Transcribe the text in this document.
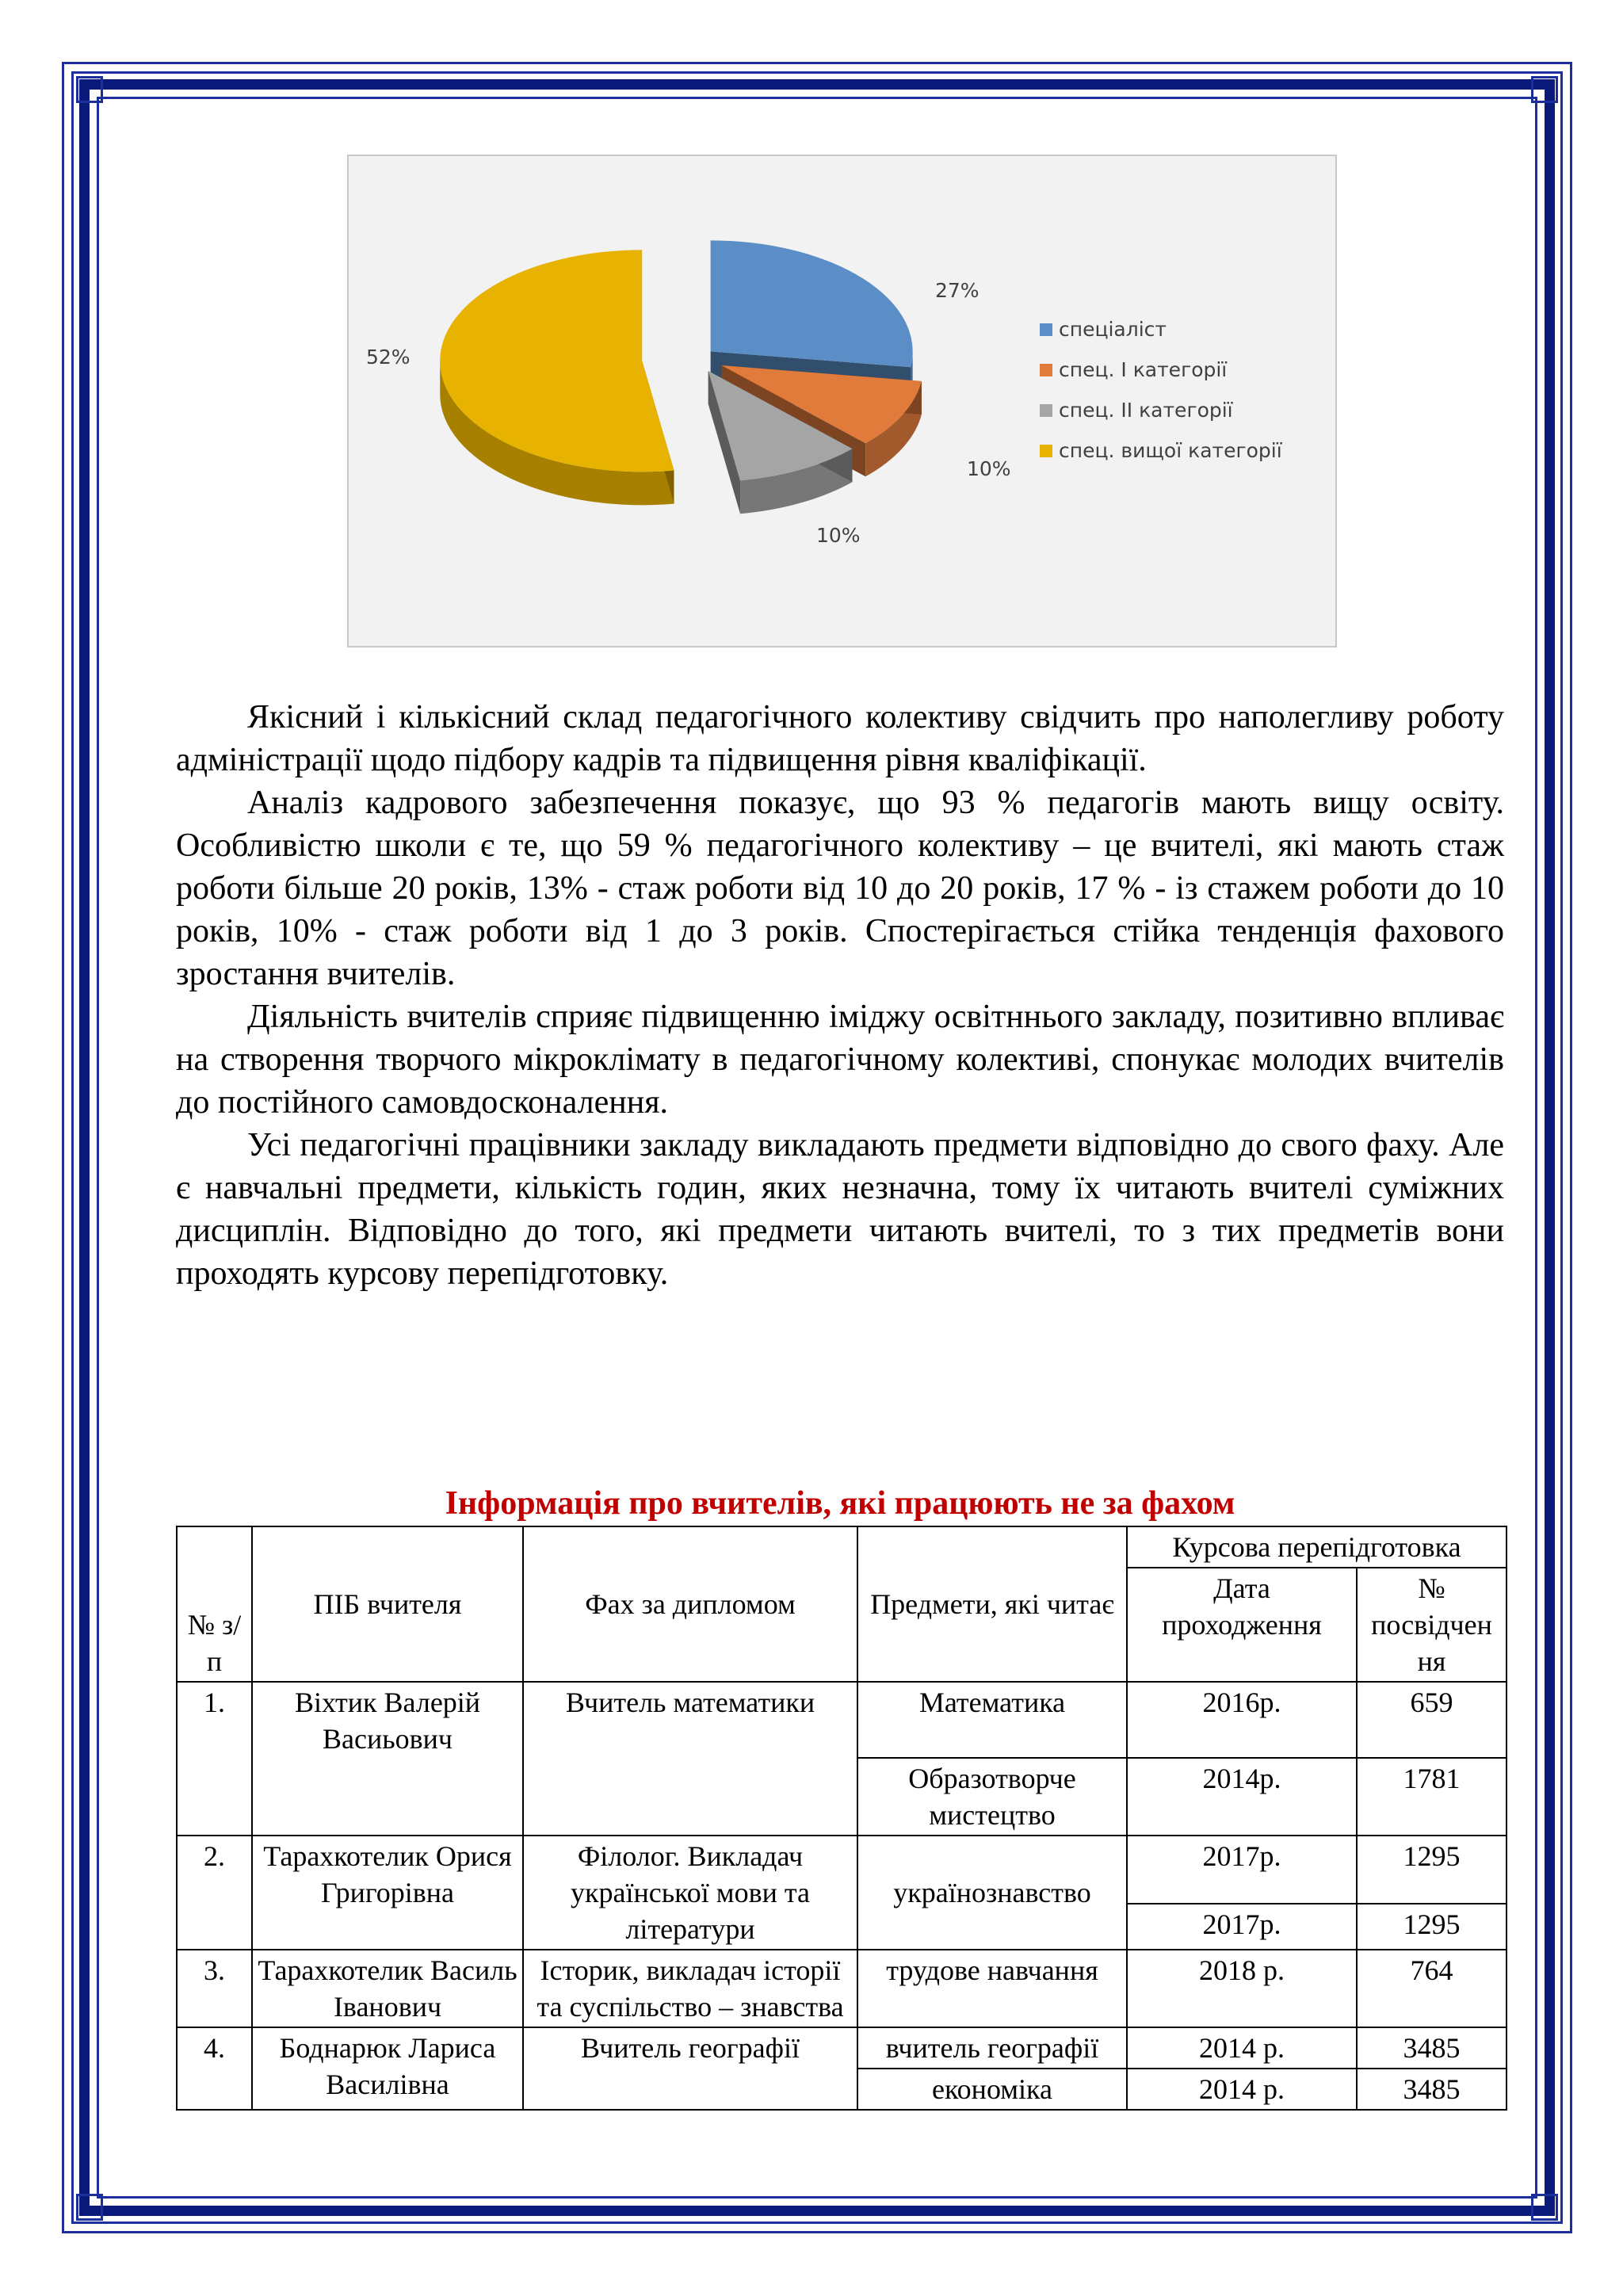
27%
10%
10%
52%
спеціаліст
спец. І категорії
спец. ІІ категорії
спец. вищої категорії

Якісний і кількісний склад педагогічного колективу свідчить про наполегливу роботу адміністрації щодо підбору кадрів та підвищення рівня кваліфікації.

Аналіз кадрового забезпечення показує, що 93 % педагогів мають вищу освіту. Особливістю школи є те, що 59 % педагогічного колективу – це вчителі, які мають стаж роботи більше 20 років, 13% - стаж роботи від 10 до 20 років, 17 % - із стажем роботи до 10 років, 10% - стаж роботи від 1 до 3 років. Спостерігається стійка тенденція фахового зростання вчителів.

Діяльність вчителів сприяє підвищенню іміджу освітннього закладу, позитивно впливає на створення творчого мікроклімату в педагогічному колективі, спонукає молодих вчителів до постійного самовдосконалення.

Усі педагогічні працівники закладу викладають предмети відповідно до свого фаху. Але є навчальні предмети, кількість годин, яких незначна, тому їх читають вчителі суміжних дисциплін. Відповідно до того, які предмети читають вчителі, то з тих предметів вони проходять курсову перепідготовку.

Інформація про вчителів, які працюють не за фахом
№ з/п	ПІБ вчителя	Фах за дипломом	Предмети, які читає	Курсова перепідготовка	
				Дата проходження	№ посвідчен ня
1.	Віхтик Валерій Васиьович	Вчитель математики	Математика	2016р.	659
			Образотворче мистецтво	2014р.	1781
2.	Тарахкотелик Орися Григорівна	Філолог. Викладач української мови та літератури	українознавство	2017р.	1295
				2017р.	1295
3.	Тарахкотелик Василь Іванович	Історик, викладач історії та суспільство – знавства	трудове навчання	2018 р.	764
4.	Боднарюк Лариса Василівна	Вчитель географії	вчитель географії	2014 р.	3485
			економіка	2014 р.	3485
